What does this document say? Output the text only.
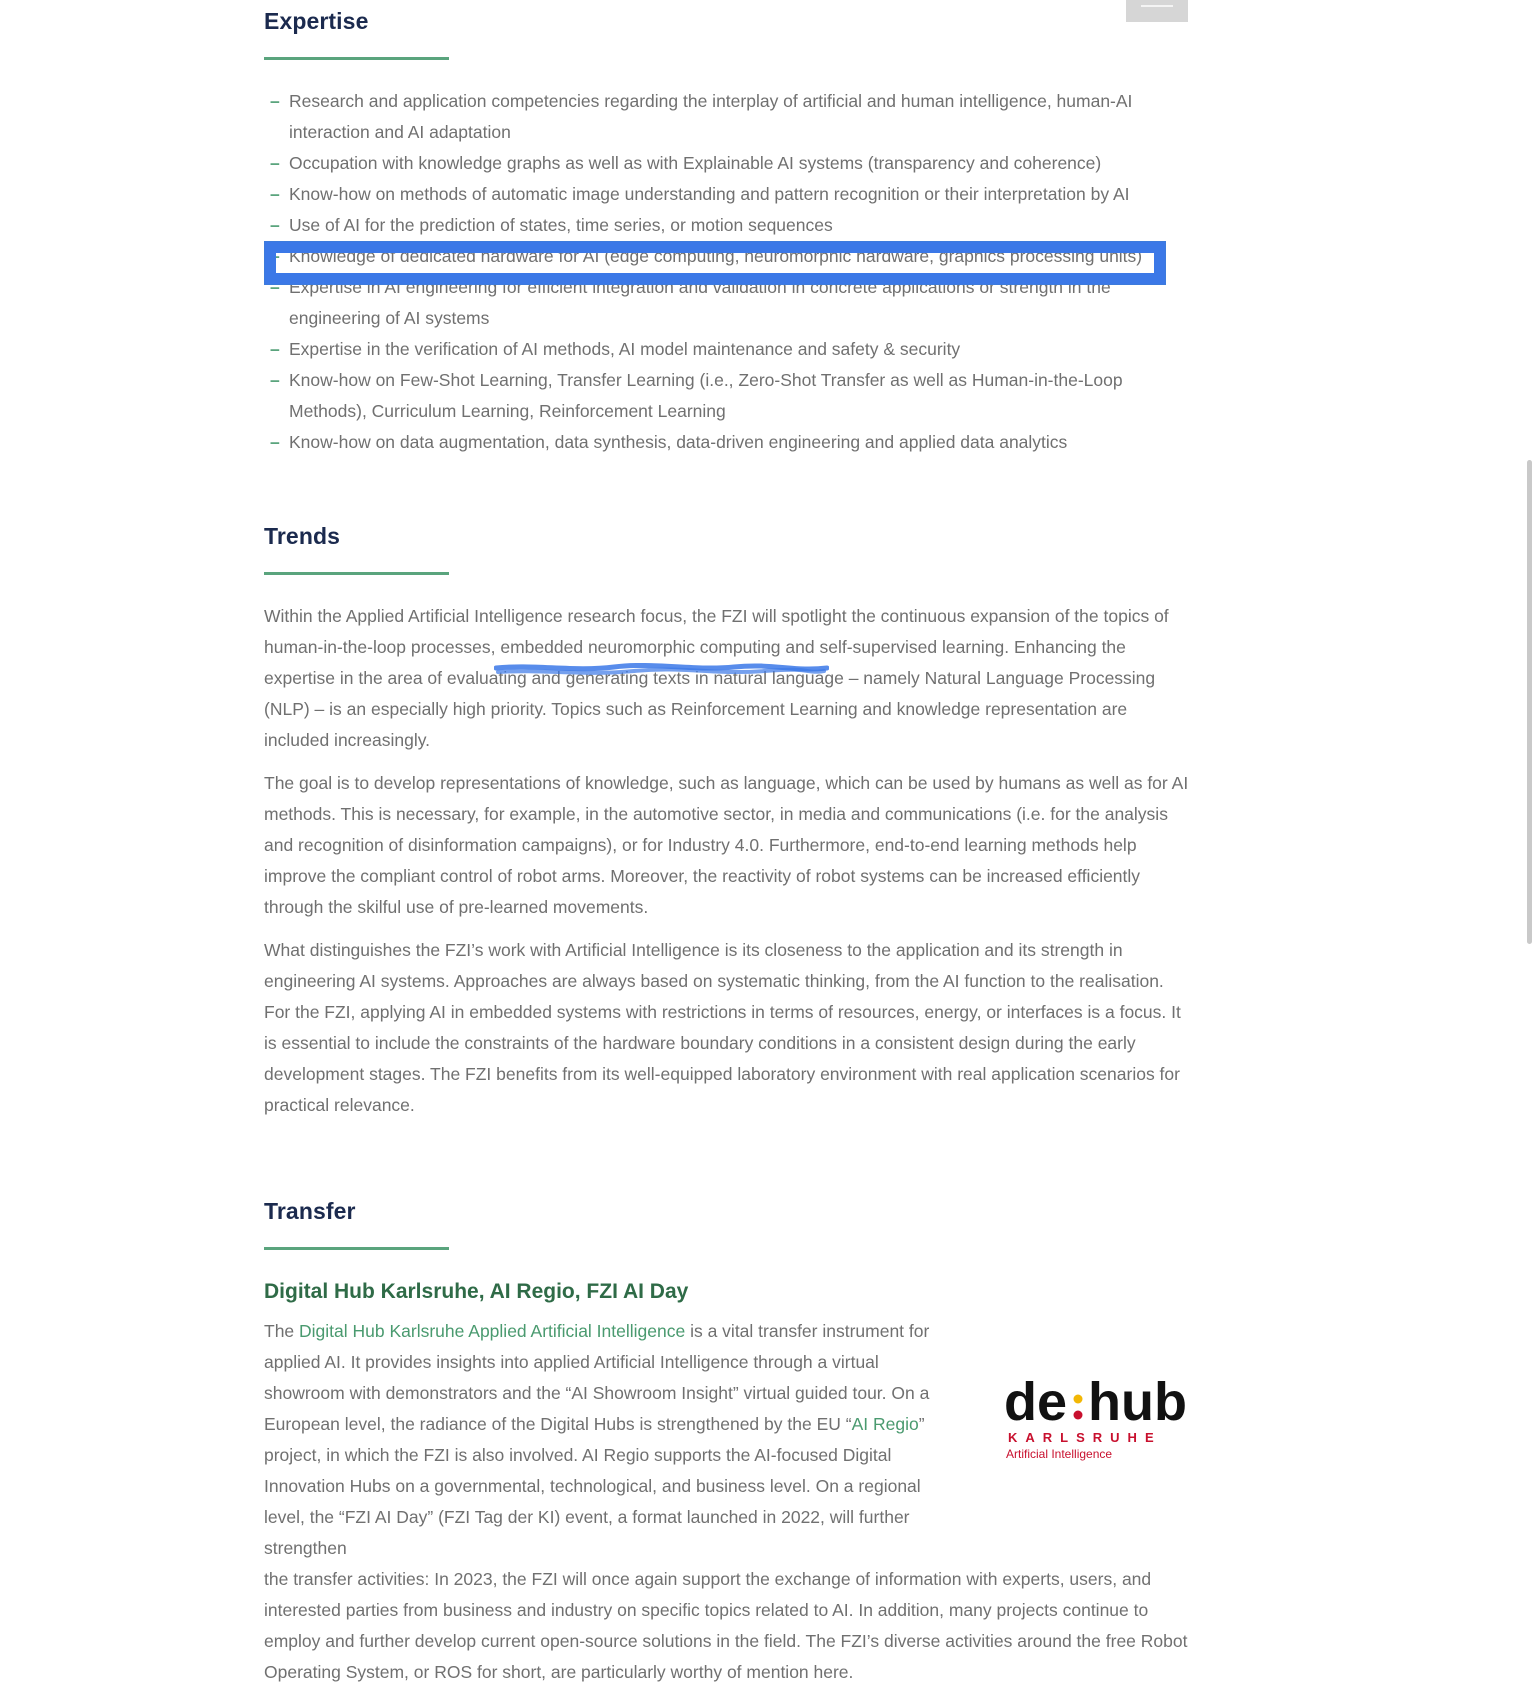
Expertise
– Research and application competencies regarding the interplay of artificial and human intelligence, human-AI interaction and AI adaptation
– Occupation with knowledge graphs as well as with Explainable AI systems (transparency and coherence)
– Know-how on methods of automatic image understanding and pattern recognition or their interpretation by AI
– Use of AI for the prediction of states, time series, or motion sequences
– Knowledge of dedicated hardware for AI (edge computing, neuromorphic hardware, graphics processing units)
– Expertise in AI engineering for efficient integration and validation in concrete applications or strength in the engineering of AI systems
– Expertise in the verification of AI methods, AI model maintenance and safety & security
– Know-how on Few-Shot Learning, Transfer Learning (i.e., Zero-Shot Transfer as well as Human-in-the-Loop Methods), Curriculum Learning, Reinforcement Learning
– Know-how on data augmentation, data synthesis, data-driven engineering and applied data analytics
Trends

Within the Applied Artificial Intelligence research focus, the FZI will spotlight the continuous expansion of the topics of human-in-the-loop processes, embedded neuromorphic computing and self-supervised learning. Enhancing the expertise in the area of evaluating and generating texts in natural language – namely Natural Language Processing (NLP) – is an especially high priority. Topics such as Reinforcement Learning and knowledge representation are included increasingly.

The goal is to develop representations of knowledge, such as language, which can be used by humans as well as for AI methods. This is necessary, for example, in the automotive sector, in media and communications (i.e. for the analysis and recognition of disinformation campaigns), or for Industry 4.0. Furthermore, end-to-end learning methods help improve the compliant control of robot arms. Moreover, the reactivity of robot systems can be increased efficiently through the skilful use of pre-learned movements.

What distinguishes the FZI’s work with Artificial Intelligence is its closeness to the application and its strength in engineering AI systems. Approaches are always based on systematic thinking, from the AI function to the realisation. For the FZI, applying AI in embedded systems with restrictions in terms of resources, energy, or interfaces is a focus. It is essential to include the constraints of the hardware boundary conditions in a consistent design during the early development stages. The FZI benefits from its well-equipped laboratory environment with real application scenarios for practical relevance.

Transfer
Digital Hub Karlsruhe, AI Regio, FZI AI Day

The Digital Hub Karlsruhe Applied Artificial Intelligence is a vital transfer instrument for applied AI. It provides insights into applied Artificial Intelligence through a virtual showroom with demonstrators and the “AI Showroom Insight” virtual guided tour. On a European level, the radiance of the Digital Hubs is strengthened by the EU “AI Regio” project, in which the FZI is also involved. AI Regio supports the AI-focused Digital Innovation Hubs on a governmental, technological, and business level. On a regional level, the “FZI AI Day” (FZI Tag der KI) event, a format launched in 2022, will further strengthen

the transfer activities: In 2023, the FZI will once again support the exchange of information with experts, users, and interested parties from business and industry on specific topics related to AI. In addition, many projects continue to employ and further develop current open-source solutions in the field. The FZI’s diverse activities around the free Robot Operating System, or ROS for short, are particularly worthy of mention here.

de hub
KARLSRUHE
Artificial Intelligence
